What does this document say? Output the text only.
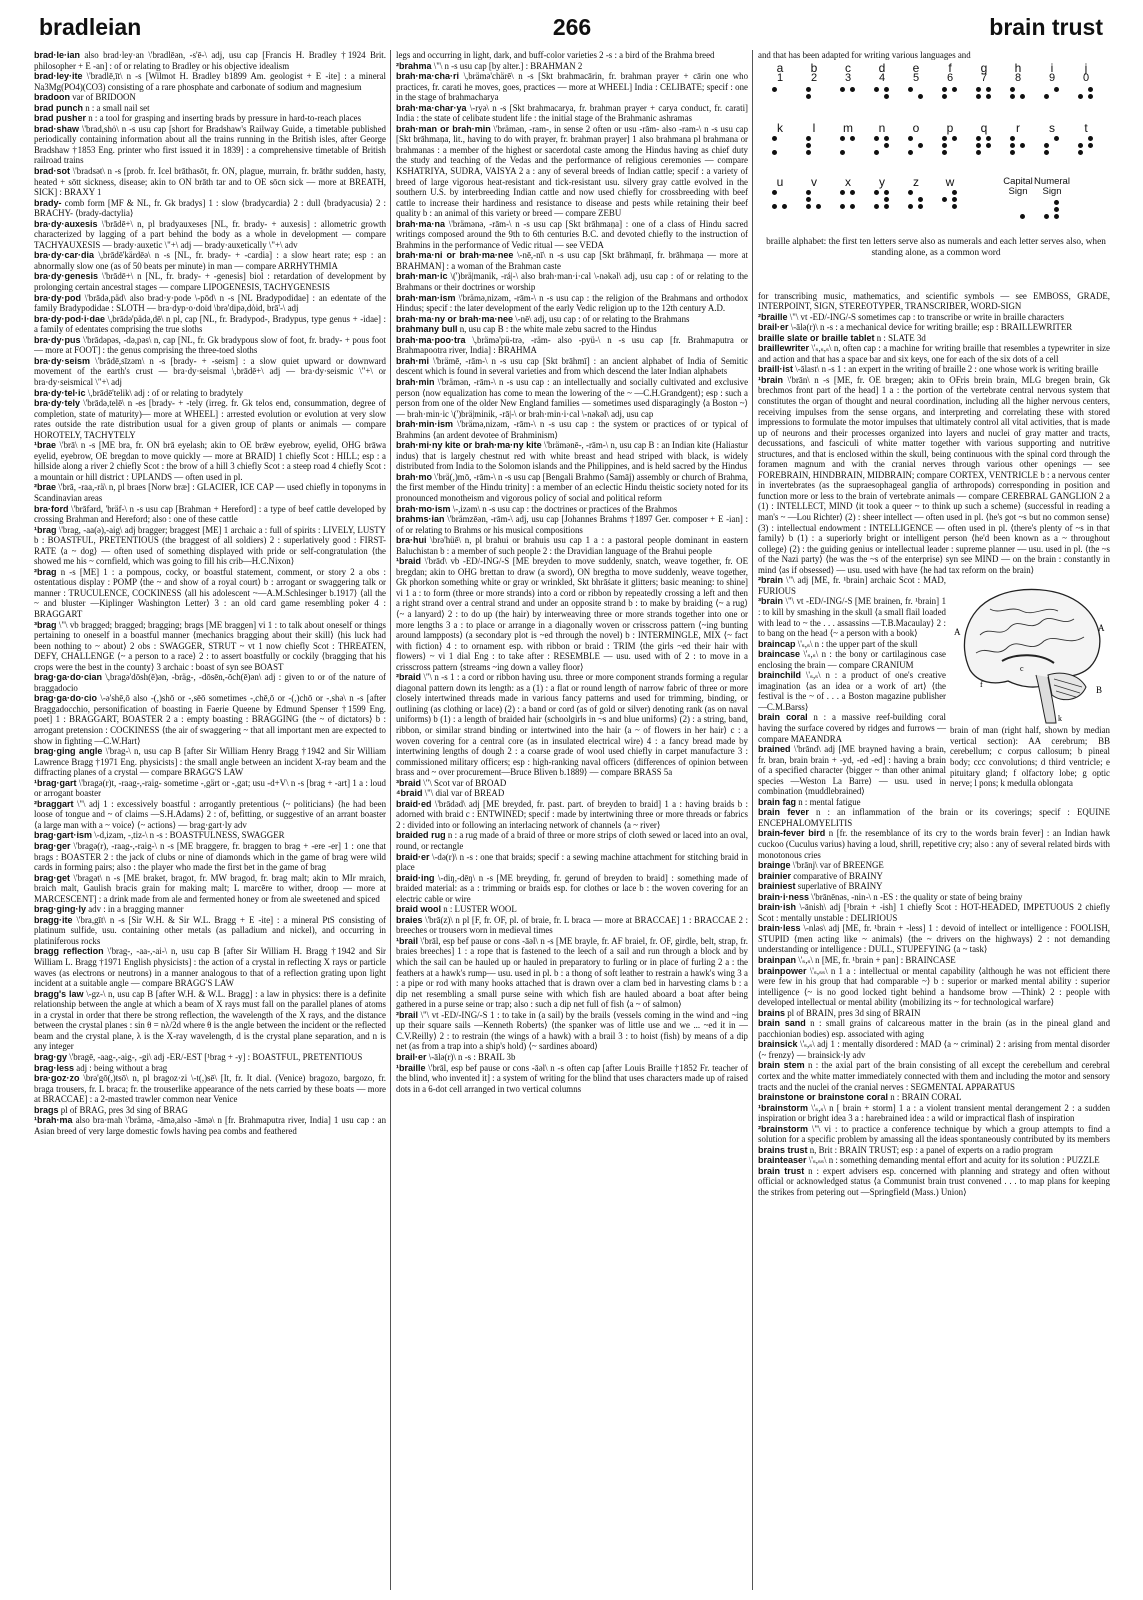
bradleian	266	brain trust

brad·le·ian also brad·ley·an \'bradlēən, -s'ē-\ adj, usu cap [Francis H. Bradley †1924 Brit. philosopher + E -an] : of or relating to Bradley or his objective idealism

brad·ley·ite \'bradlē,īt\ n -s [Wilmot H. Bradley b1899 Am. geologist + E -ite] : a mineral Na3Mg(PO4)(CO3) consisting of a rare phosphate and carbonate of sodium and magnesium

bradoon var of BRIDOON

brad punch n : a small nail set

brad pusher n : a tool for grasping and inserting brads by pressure in hard-to-reach places

brad·shaw \'brad,shȯ\ n -s usu cap [short for Bradshaw's Railway Guide, a timetable published periodically containing information about all the trains running in the British isles, after George Bradshaw †1853 Eng. printer who first issued it in 1839] : a comprehensive timetable of British railroad trains

brad·sot \'bradsət\ n -s [prob. fr. Icel brāthasōt, fr. ON, plague, murrain, fr. brāthr sudden, hasty, heated + sōtt sickness, disease; akin to ON brāth tar and to OE sōcn sick — more at BREATH, SICK] : BRAXY 1

brady- comb form [MF & NL, fr. Gk bradys] 1 : slow ⟨bradycardia⟩ 2 : dull ⟨bradyacusia⟩ 2 : BRACHY- ⟨brady-dactylia⟩

bra·dy·auxesis \'brādē+\ n, pl bradyauxeses [NL, fr. brady- + auxesis] : allometric growth characterized by lagging of a part behind the body as a whole in development — compare TACHYAUXESIS — brady·auxetic \"+\ adj — brady·auxetically \"+\ adv

bra·dy·car·dia \,brādē'kärdēə\ n -s [NL, fr. brady- + -cardia] : a slow heart rate; esp : an abnormally slow one (as of 50 beats per minute) in man — compare ARRHYTHMIA

bra·dy·genesis \'brādē+\ n [NL, fr. brady- + -genesis] biol : retardation of development by prolonging certain ancestral stages — compare LIPOGENESIS, TACHYGENESIS

bra·dy·pod \'brādə,päd\ also brad·y·pode \-pōd\ n -s [NL Bradypodidae] : an edentate of the family Bradypodidae : SLOTH — bra·dyp·o·doid \brə'dipə,dȯid, brā'-\ adj

bra·dy·pod·i·dae \,brādə'pädə,dē\ n pl, cap [NL, fr. Bradypod-, Bradypus, type genus + -idae] : a family of edentates comprising the true sloths

bra·dy·pus \'brādəpəs, -də,pəs\ n, cap [NL, fr. Gk bradypous slow of foot, fr. brady- + pous foot — more at FOOT] : the genus comprising the three-toed sloths

bra·dy·seism \'brādē,sīzəm\ n -s [brady- + -seism] : a slow quiet upward or downward movement of the earth's crust — bra·dy·seismal \,brādē+\ adj — bra·dy·seismic \"+\ or bra·dy·seismical \"+\ adj

bra·dy·tel·ic \,brādē'telik\ adj : of or relating to bradytely

bra·dy·tely \'brādə,telē\ n -es [brady- + -tely (irreg. fr. Gk telos end, consummation, degree of completion, state of maturity)— more at WHEEL] : arrested evolution or evolution at very slow rates outside the rate distribution usual for a given group of plants or animals — compare HOROTELY, TACHYTELY

¹brae \'brā\ n -s [ME bra, fr. ON brā eyelash; akin to OE brǣw eyebrow, eyelid, OHG brāwa eyelid, eyebrow, OE bregdan to move quickly — more at BRAID] 1 chiefly Scot : HILL; esp : a hillside along a river 2 chiefly Scot : the brow of a hill 3 chiefly Scot : a steep road 4 chiefly Scot : a mountain or hill district : UPLANDS — often used in pl.

²brae \'brā, -raa,-rä\ n, pl braes [Norw bræ] : GLACIER, ICE CAP — used chiefly in toponyms in Scandinavian areas

bra·ford \'brāfərd, 'bräf-\ n -s usu cap [Brahman + Hereford] : a type of beef cattle developed by crossing Brahman and Hereford; also : one of these cattle

¹brag \'brag, -aa(ə),-aig\ adj bragger; braggest [ME] 1 archaic a : full of spirits : LIVELY, LUSTY b : BOASTFUL, PRETENTIOUS (the braggest of all soldiers) 2 : superlatively good : FIRST-RATE ⟨a ~ dog⟩ — often used of something displayed with pride or self-congratulation ⟨the showed me his ~ cornfield, which was going to fill his crib—H.C.Nixon⟩

²brag n -s [ME] 1 : a pompous, cocky, or boastful statement, comment, or story 2 a obs : ostentatious display : POMP ⟨the ~ and show of a royal court⟩ b : arrogant or swaggering talk or manner : TRUCULENCE, COCKINESS ⟨all his adolescent ~—A.M.Schlesinger b.1917⟩ ⟨all the ~ and bluster —Kiplinger Washington Letter⟩ 3 : an old card game resembling poker 4 : BRAGGART

³brag \"\ vb bragged; bragged; bragging; brags [ME braggen] vi 1 : to talk about oneself or things pertaining to oneself in a boastful manner ⟨mechanics bragging about their skill⟩ ⟨his luck had been nothing to ~ about⟩ 2 obs : SWAGGER, STRUT ~ vt 1 now chiefly Scot : THREATEN, DEFY, CHALLENGE ⟨~ a person to a race⟩ 2 : to assert boastfully or cockily ⟨bragging that his crops were the best in the county⟩ 3 archaic : boast of syn see BOAST

brag·ga·do·cian \,bragə'dōsh(ē)ən, -bräg-, -dōsēn,-ōch(ē)ən\ adj : given to or of the nature of braggadocio

brag·ga·do·cio \-ə'shē,ō also -(,)shō or -,sēō sometimes -,chē,ō or -(,)chō or -,shə\ n -s [after Braggadocchio, personification of boasting in Faerie Queene by Edmund Spenser †1599 Eng. poet] 1 : BRAGGART, BOASTER 2 a : empty boasting : BRAGGING ⟨the ~ of dictators⟩ b : arrogant pretension : COCKINESS ⟨the air of swaggering ~ that all important men are expected to show in fighting —C.W.Hart⟩

brag·ging angle \'brag-\ n, usu cap B [after Sir William Henry Bragg †1942 and Sir William Lawrence Bragg †1971 Eng. physicists] : the small angle between an incident X-ray beam and the diffracting planes of a crystal — compare BRAGG'S LAW

¹brag·gart \'bragə(r)t, -raag-,-raig- sometime -,gärt or -,gat; usu -d+V\ n -s [brag + -art] 1 a : loud or arrogant boaster

²braggart \"\ adj 1 : excessively boastful : arrogantly pretentious ⟨~ politicians⟩ ⟨he had been loose of tongue and ~ of claims —S.H.Adams⟩ 2 : of, befitting, or suggestive of an arrant boaster ⟨a large man with a ~ voice⟩ ⟨~ actions⟩ — brag·gart·ly adv

brag·gart·ism \-d,izam, -,tiz-\ n -s : BOASTFULNESS, SWAGGER

brag·ger \'bragə(r), -raag-,-raig-\ n -s [ME braggere, fr. braggen to brag + -ere -er] 1 : one that brags : BOASTER 2 : the jack of clubs or nine of diamonds which in the game of brag were wild cards in forming pairs; also : the player who made the first bet in the game of brag

brag·get \'bragət\ n -s [ME braket, bragot, fr. MW bragod, fr. brag malt; akin to MIr mraich, braich malt, Gaulish bracis grain for making malt; L marcēre to wither, droop — more at MARCESCENT] : a drink made from ale and fermented honey or from ale sweetened and spiced

brag·ging·ly adv : in a bragging manner

bragg·ite \'bra,gīt\ n -s [Sir W.H. & Sir W.L. Bragg + E -ite] : a mineral PtS consisting of platinum sulfide, usu. containing other metals (as palladium and nickel), and occurring in platiniferous rocks

bragg reflection \'brag-, -aa-,-ai-\ n, usu cap B [after Sir William H. Bragg †1942 and Sir William L. Bragg †1971 English physicists] : the action of a crystal in reflecting X rays or particle waves (as electrons or neutrons) in a manner analogous to that of a reflection grating upon light incident at a suitable angle — compare BRAGG'S LAW

bragg's law \-gz-\ n, usu cap B [after W.H. & W.L. Bragg] : a law in physics: there is a definite relationship between the angle at which a beam of X rays must fall on the parallel planes of atoms in a crystal in order that there be strong reflection, the wavelength of the X rays, and the distance between the crystal planes : sin θ = nλ/2d where θ is the angle between the incident or the reflected beam and the crystal plane, λ is the X-ray wavelength, d is the crystal plane separation, and n is any integer

brag·gy \'bragē, -aag-,-aig-, -gi\ adj -ER/-EST [¹brag + -y] : BOASTFUL, PRETENTIOUS

brag·less adj : being without a brag

bra·goz·zo \brə'gō(,)tsō\ n, pl bragoz·zi \-t(,)sē\ [It, fr. It dial. (Venice) bragozo, bargozo, fr. braga trousers, fr. L braca; fr. the trouserlike appearance of the nets carried by these boats — more at BRACCAE] : a 2-masted trawler common near Venice

brags pl of BRAG, pres 3d sing of BRAG

¹brah·ma also bra·mah \'brämə, -āmə,also -āmə\ n [fr. Brahmaputra river, India] 1 usu cap : an Asian breed of very large domestic fowls having pea combs and feathered

legs and occurring in light, dark, and buff-color varieties 2 -s : a bird of the Brahma breed

²brahma \"\ n -s usu cap [by alter.] : BRAHMAN 2

brah·ma·cha·ri \,brämə'chärē\ n -s [Skt brahmacārin, fr. brahman prayer + cārin one who practices, fr. carati he moves, goes, practices — more at WHEEL] India : CELIBATE; specif : one in the stage of brahmacharya

brah·ma·char·ya \-ryə\ n -s [Skt brahmacarya, fr. brahman prayer + carya conduct, fr. carati] India : the state of celibate student life : the initial stage of the Brahmanic ashramas

brah·man or brah·min \'brämən, -ram-, in sense 2 often or usu -rām- also -ram-\ n -s usu cap [Skt brāhmaṇa, lit., having to do with prayer, fr. brahman prayer] 1 also brahmana pl brahmana or brahmanas : a member of the highest or sacerdotal caste among the Hindus having as chief duty the study and teaching of the Vedas and the performance of religious ceremonies — compare KSHATRIYA, SUDRA, VAISYA 2 a : any of several breeds of Indian cattle; specif : a variety of breed of large vigorous heat-resistant and tick-resistant usu. silvery gray cattle evolved in the southern U.S. by interbreeding Indian cattle and now used chiefly for crossbreeding with beef cattle to increase their hardiness and resistance to disease and pests while retaining their beef quality b : an animal of this variety or breed — compare ZEBU

brah·ma·na \'brämənə, -rām-\ n -s usu cap [Skt brāhmaṇa] : one of a class of Hindu sacred writings composed around the 9th to 6th centuries B.C. and devoted chiefly to the instruction of Brahmins in the performance of Vedic ritual — see VEDA

brah·ma·ni or brah·ma·nee \-nē,-nī\ n -s usu cap [Skt brāhmaṇī, fr. brāhmaṇa — more at BRAHMAN] : a woman of the Brahman caste

brah·man·ic \(')brä|manik, -rá|-\ also brah·man·i·cal \-nəkəl\ adj, usu cap : of or relating to the Brahmans or their doctrines or worship

brah·man·ism \'brämə,nizəm, -rām-\ n -s usu cap : the religion of the Brahmans and orthodox Hindus; specif : the later development of the early Vedic religion up to the 12th century A.D.

brah·ma·ny or brah·ma·nee \-nē\ adj, usu cap : of or relating to the Brahmans

brahmany bull n, usu cap B : the white male zebu sacred to the Hindus

brah·ma·poo·tra \,brämə'pü-trə, -räm- also -pyü-\ n -s usu cap [fr. Brahmaputra or Brahmapootra river, India] : BRAHMA

brah·mi \'brämē, -rām-\ n -s usu cap [Skt brāhmī] : an ancient alphabet of India of Semitic descent which is found in several varieties and from which descend the later Indian alphabets

brah·min \'brämən, -rām-\ n -s usu cap : an intellectually and socially cultivated and exclusive person ⟨now equalization has come to mean the lowering of the ~ —C.H.Grandgent⟩; esp : such a person from one of the older New England families — sometimes used disparagingly ⟨a Boston ~⟩ — brah·min·ic \(')brä|minik, -rā|-\ or brah·min·i·cal \-nəkəl\ adj, usu cap

brah·min·ism \'brämə,nizəm, -rām-\ n -s usu cap : the system or practices of or typical of Brahmins ⟨an ardent devotee of Brahminism⟩

brah·mi·ny kite or brah·ma·ny kite \'brämənē-, -rām-\ n, usu cap B : an Indian kite (Haliastur indus) that is largely chestnut red with white breast and head striped with black, is widely distributed from India to the Solomon islands and the Philippines, and is held sacred by the Hindus

brah·mo \'brä(,)mō, -rām-\ n -s usu cap [Bengali Brahmo (Samāj) assembly or church of Brahma, the first member of the Hindu trinity] : a member of an eclectic Hindu theistic society noted for its pronounced monotheism and vigorous policy of social and political reform

brah·mo·ism \-,izəm\ n -s usu cap : the doctrines or practices of the Brahmos

brahms·ian \'brämzēən, -rām-\ adj, usu cap [Johannes Brahms †1897 Ger. composer + E -ian] : of or relating to Brahms or his musical compositions

bra·hui \brə'hüē\ n, pl brahui or brahuis usu cap 1 a : a pastoral people dominant in eastern Baluchistan b : a member of such people 2 : the Dravidian language of the Brahui people

¹braid \'brād\ vb -ED/-ING/-S [ME breyden to move suddenly, snatch, weave together, fr. OE bregdan; akin to OHG brettan to draw (a sword), ON bregtha to move suddenly, weave together, Gk phorkon something white or gray or wrinkled, Skt bhrāśate it glitters; basic meaning: to shine] vi 1 a : to form (three or more strands) into a cord or ribbon by repeatedly crossing a left and then a right strand over a central strand and under an opposite strand b : to make by braiding ⟨~ a rug⟩ ⟨~ a lanyard⟩ 2 : to do up (the hair) by interweaving three or more strands together into one or more lengths 3 a : to place or arrange in a diagonally woven or crisscross pattern ⟨~ing bunting around lampposts⟩ (a secondary plot is ~ed through the novel) b : INTERMINGLE, MIX ⟨~ fact with fiction⟩ 4 : to ornament esp. with ribbon or braid : TRIM ⟨the girls ~ed their hair with flowers⟩ ~ vi 1 dial Eng : to take after : RESEMBLE — usu. used with of 2 : to move in a crisscross pattern ⟨streams ~ing down a valley floor⟩

²braid \"\ n -s 1 : a cord or ribbon having usu. three or more component strands forming a regular diagonal pattern down its length: as a (1) : a flat or round length of narrow fabric of three or more closely intertwined threads made in various fancy patterns and used for trimming, binding, or outlining (as clothing or lace) (2) : a band or cord (as of gold or silver) denoting rank (as on naval uniforms) b (1) : a length of braided hair ⟨schoolgirls in ~s and blue uniforms⟩ (2) : a string, band, ribbon, or similar strand binding or intertwined into the hair ⟨a ~ of flowers in her hair⟩ c : a woven covering for a central core (as in insulated electrical wire) 4 : a fancy bread made by intertwining lengths of dough 2 : a coarse grade of wool used chiefly in carpet manufacture 3 : commissioned military officers; esp : high-ranking naval officers ⟨differences of opinion between brass and ~ over procurement—Bruce Bliven b.1889⟩ — compare BRASS 5a

³braid \"\ Scot var of BROAD

⁴braid \"\ dial var of BREAD

braid·ed \'brādəd\ adj [ME breyded, fr. past. part. of breyden to braid] 1 a : having braids b : adorned with braid c : ENTWINED; specif : made by intertwining three or more threads or fabrics 2 : divided into or following an interlacing network of channels ⟨a ~ river⟩

braided rug n : a rug made of a braid of three or more strips of cloth sewed or laced into an oval, round, or rectangle

braid·er \-də(r)\ n -s : one that braids; specif : a sewing machine attachment for stitching braid in place

braid·ing \-diŋ,-dēŋ\ n -s [ME breyding, fr. gerund of breyden to braid] : something made of braided material: as a : trimming or braids esp. for clothes or lace b : the woven covering for an electric cable or wire

braid wool n : LUSTER WOOL

braies \'brā(z)\ n pl [F, fr. OF, pl. of braie, fr. L braca — more at BRACCAE] 1 : BRACCAE 2 : breeches or trousers worn in medieval times

¹brail \'brāl, esp bef pause or cons -āəl\ n -s [ME brayle, fr. AF braiel, fr. OF, girdle, belt, strap, fr. braies breeches] 1 : a rope that is fastened to the leech of a sail and run through a block and by which the sail can be hauled up or hauled in preparatory to furling or in place of furling 2 a : the feathers at a hawk's rump— usu. used in pl. b : a thong of soft leather to restrain a hawk's wing 3 a : a pipe or rod with many hooks attached that is drawn over a clam bed in harvesting clams b : a dip net resembling a small purse seine with which fish are hauled aboard a boat after being gathered in a purse seine or trap; also : such a dip net full of fish ⟨a ~ of salmon⟩

²brail \"\ vt -ED/-ING/-S 1 : to take in (a sail) by the brails ⟨vessels coming in the wind and ~ing up their square sails —Kenneth Roberts⟩ ⟨the spanker was of little use and we ... ~ed it in —C.V.Reilly⟩ 2 : to restrain (the wings of a hawk) with a brail 3 : to hoist (fish) by means of a dip net (as from a trap into a ship's hold) ⟨~ sardines aboard⟩

brail·er \-ālə(r)\ n -s : BRAIL 3b

¹braille \'brāl, esp bef pause or cons -āəl\ n -s often cap [after Louis Braille †1852 Fr. teacher of the blind, who invented it] : a system of writing for the blind that uses characters made up of raised dots in a 6-dot cell arranged in two vertical columns

and that has been adapted for writing various languages and

braille alphabet: the first ten letters serve also as numerals and each letter serves also, when standing alone, as a common word
a
1
b
2
c
3
d
4
e
5
f
6
g
7
h
8
i
9
j
0
k	l	m	n	o	p	q	r	s	t
u	v	x	y	z	w	Capital Sign
Numeral Sign

for transcribing music, mathematics, and scientific symbols — see EMBOSS, GRADE, INTERPOINT, SIGN, STEREOTYPER, TRANSCRIBER, WORD-SIGN

²braille \"\ vt -ED/-ING/-S sometimes cap : to transcribe or write in braille characters

brail·er \-ālə(r)\ n -s : a mechanical device for writing braille; esp : BRAILLEWRITER

braille slate or braille tablet n : SLATE 3d

braillewriter \'ₛ,ₛ,ₛ\ n, often cap : a machine for writing braille that resembles a typewriter in size and action and that has a space bar and six keys, one for each of the six dots of a cell

braill·ist \-ālast\ n -s 1 : an expert in the writing of braille 2 : one whose work is writing braille

¹brain \'brān\ n -s [ME, fr. OE brægen; akin to OFris brein brain, MLG bregen brain, Gk brechmos front part of the head] 1 a : the portion of the vertebrate central nervous system that constitutes the organ of thought and neural coordination, including all the higher nervous centers, receiving impulses from the sense organs, and interpreting and correlating these with stored impressions to formulate the motor impulses that ultimately control all vital activities, that is made up of neurons and their processes organized into layers and nuclei of gray matter and tracts, decussations, and fasciculi of white matter together with various supporting and nutritive structures, and that is enclosed within the skull, being continuous with the spinal cord through the foramen magnum and with the cranial nerves through various other openings — see FOREBRAIN, HINDBRAIN, MIDBRAIN; compare CORTEX, VENTRICLE b : a nervous center in invertebrates (as the supraesophageal ganglia of arthropods) corresponding in position and function more or less to the brain of vertebrate animals — compare CEREBRAL GANGLION 2 a (1) : INTELLECT, MIND ⟨it took a queer ~ to think up such a scheme⟩ ⟨successful in reading a man's ~ —Lou Richter⟩ (2) : sheer intellect — often used in pl. ⟨he's got ~s but no common sense⟩ (3) : intellectual endowment : INTELLIGENCE — often used in pl. ⟨there's plenty of ~s in that family⟩ b (1) : a superiorly bright or intelligent person ⟨he'd been known as a ~ throughout college⟩ (2) : the guiding genius or intellectual leader : supreme planner — usu. used in pl. ⟨the ~s of the Nazi party⟩ ⟨he was the ~s of the enterprise⟩ syn see MIND — on the brain : constantly in mind ⟨as if obsessed⟩ — usu. used with have ⟨he had tax reform on the brain⟩

A	A
B
c
k
f
brain of man (right half, shown by median vertical section): AA cerebrum; BB cerebellum; c corpus callosum; b pineal body; ccc convolutions; d third ventricle; e pituitary gland; f olfactory lobe; g optic nerve; l pons; k medulla oblongata

²brain \"\ adj [ME, fr. ¹brain] archaic Scot : MAD, FURIOUS

³brain \"\ vt -ED/-ING/-S [ME brainen, fr. ¹brain] 1 : to kill by smashing in the skull ⟨a small flail loaded with lead to ~ the . . . assassins —T.B.Macaulay⟩ 2 : to bang on the head ⟨~ a person with a book⟩

braincap \'ₛ,ₛ\ n : the upper part of the skull

braincase \'ₛ,ₛ\ n : the bony or cartilaginous case enclosing the brain — compare CRANIUM

brainchild \'ₛ,ₛ\ n : a product of one's creative imagination ⟨as an idea or a work of art⟩ ⟨the festival is the ~ of . . . a Boston magazine publisher —C.M.Barss⟩

brain coral n : a massive reef-building coral having the surface covered by ridges and furrows — compare MAEANDRA

brained \'brānd\ adj [ME brayned having a brain, fr. bran, brain brain + -yd, -ed -ed] : having a brain of a specified character ⟨bigger ~ than other animal species —Weston La Barre⟩ — usu. used in combination ⟨muddlebrained⟩

brain fag n : mental fatigue

brain fever n : an inflammation of the brain or its coverings; specif : EQUINE ENCEPHALOMYELITIS

brain-fever bird n [fr. the resemblance of its cry to the words brain fever] : an Indian hawk cuckoo (Cuculus varius) having a loud, shrill, repetitive cry; also : any of several related birds with monotonous cries

braingе \'brānj\ var of BREENGE

brainier comparative of BRAINY

brainiest superlative of BRAINY

brain·i·ness \'brānēnəs, -nin-\ n -ES : the quality or state of being brainy

brain·ish \-ānish\ adj [¹brain + -ish] 1 chiefly Scot : HOT-HEADED, IMPETUOUS 2 chiefly Scot : mentally unstable : DELIRIOUS

brain·less \-nləs\ adj [ME, fr. ¹brain + -less] 1 : devoid of intellect or intelligence : FOOLISH, STUPID ⟨men acting like ~ animals⟩ ⟨the ~ drivers on the highways⟩ 2 : not demanding understanding or intelligence : DULL, STUPEFYING ⟨a ~ task⟩

brainpan \'ₛ,ₛ\ n [ME, fr. ¹brain + pan] : BRAINCASE

brainpower \'ₛ,ₛₛ\ n 1 a : intellectual or mental capability ⟨although he was not efficient there were few in his group that had comparable ~⟩ b : superior or marked mental ability : superior intelligence ⟨~ is no good locked tight behind a handsome brow —Think⟩ 2 : people with developed intellectual or mental ability ⟨mobilizing its ~ for technological warfare⟩

brains pl of BRAIN, pres 3d sing of BRAIN

brain sand n : small grains of calcareous matter in the brain (as in the pineal gland and pacchionian bodies) esp. associated with aging

brainsick \'ₛ,ₛ\ adj 1 : mentally disordered : MAD ⟨a ~ criminal⟩ 2 : arising from mental disorder ⟨~ frenzy⟩ — brainsick·ly adv

brain stem n : the axial part of the brain consisting of all except the cerebellum and cerebral cortex and the white matter immediately connected with them and including the motor and sensory tracts and the nuclei of the cranial nerves : SEGMENTAL APPARATUS

brainstone or brainstone coral n : BRAIN CORAL

¹brainstorm \'ₛ,ₛ\ n [ brain + storm] 1 a : a violent transient mental derangement 2 : a sudden inspiration or bright idea 3 a : harebrained idea : a wild or impractical flash of inspiration

²brainstorm \"\ vi : to practice a conference technique by which a group attempts to find a solution for a specific problem by amassing all the ideas spontaneously contributed by its members

brains trust n, Brit : BRAIN TRUST; esp : a panel of experts on a radio program

brainteaser \'ₛ,ₛₛ\ n : something demanding mental effort and acuity for its solution : PUZZLE

brain trust n : expert advisers esp. concerned with planning and strategy and often without official or acknowledged status ⟨a Communist brain trust convened . . . to map plans for keeping the strikes from petering out —Springfield (Mass.) Union⟩
